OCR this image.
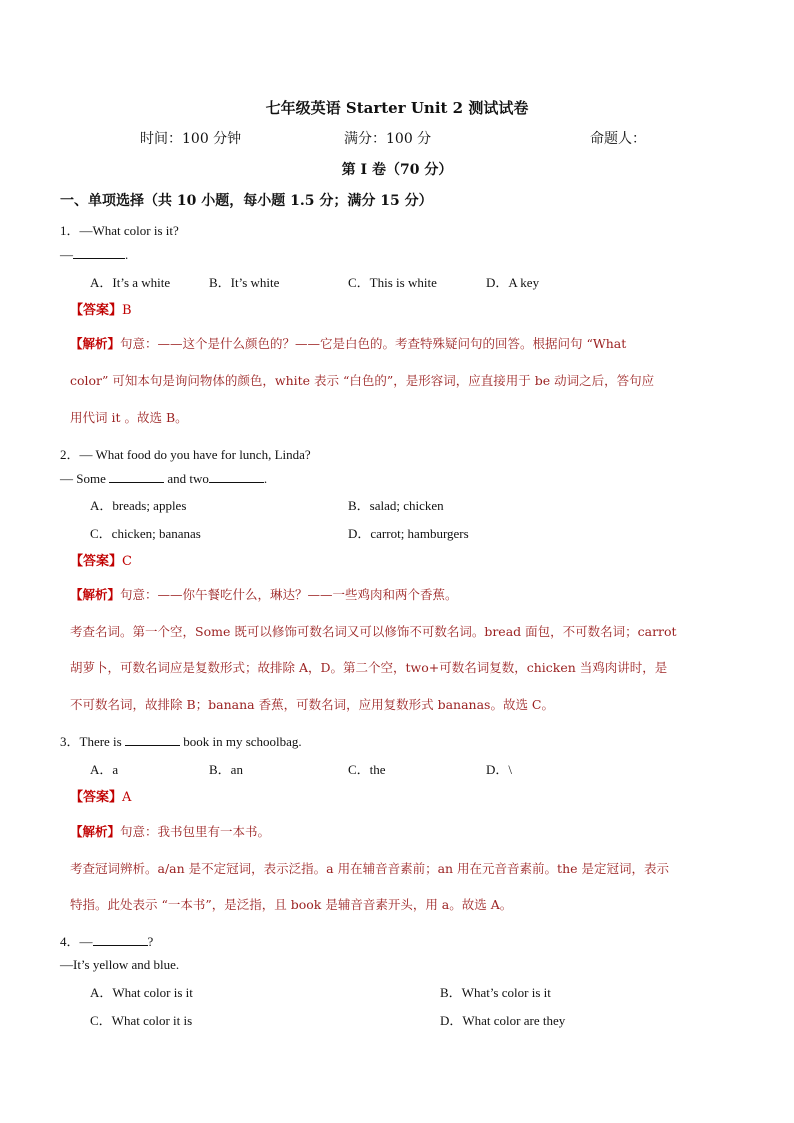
七年级英语 Starter Unit 2 测试试卷
时间：100 分钟	满分：100 分	命题人：
第 I 卷（70 分）
一、单项选择（共 10 小题，每小题 1.5 分；满分 15 分）
1．—What color is it?
—	.
A．It’s a white	B．It’s white	C．This is white	D．A key
【答案】B
【解析】句意：——这个是什么颜色的？——它是白色的。考查特殊疑问句的回答。根据问句 “What
color” 可知本句是询问物体的颜色，white 表示 “白色的”，是形容词，应直接用于 be 动词之后，答句应
用代词 it 。故选 B。
2．— What food do you have for lunch, Linda?
— Some	and two	.
A．breads; apples	B．salad; chicken
C．chicken; bananas	D．carrot; hamburgers
【答案】C
【解析】句意：——你午餐吃什么，琳达？——一些鸡肉和两个香蕉。
考查名词。第一个空，Some 既可以修饰可数名词又可以修饰不可数名词。bread 面包，不可数名词；carrot
胡萝卜，可数名词应是复数形式；故排除 A，D。第二个空，two+可数名词复数，chicken 当鸡肉讲时，是
不可数名词，故排除 B；banana 香蕉，可数名词，应用复数形式 bananas。故选 C。
3．There is	book in my schoolbag.
A．a	B．an	C．the	D．\
【答案】A
【解析】句意：我书包里有一本书。
考查冠词辨析。a/an 是不定冠词，表示泛指。a 用在辅音音素前；an 用在元音音素前。the 是定冠词，表示
特指。此处表示 “一本书”，是泛指，且 book 是辅音音素开头，用 a。故选 A。
4．—	?
—It’s yellow and blue.
A．What color is it	B．What’s color is it
C．What color it is	D．What color are they
